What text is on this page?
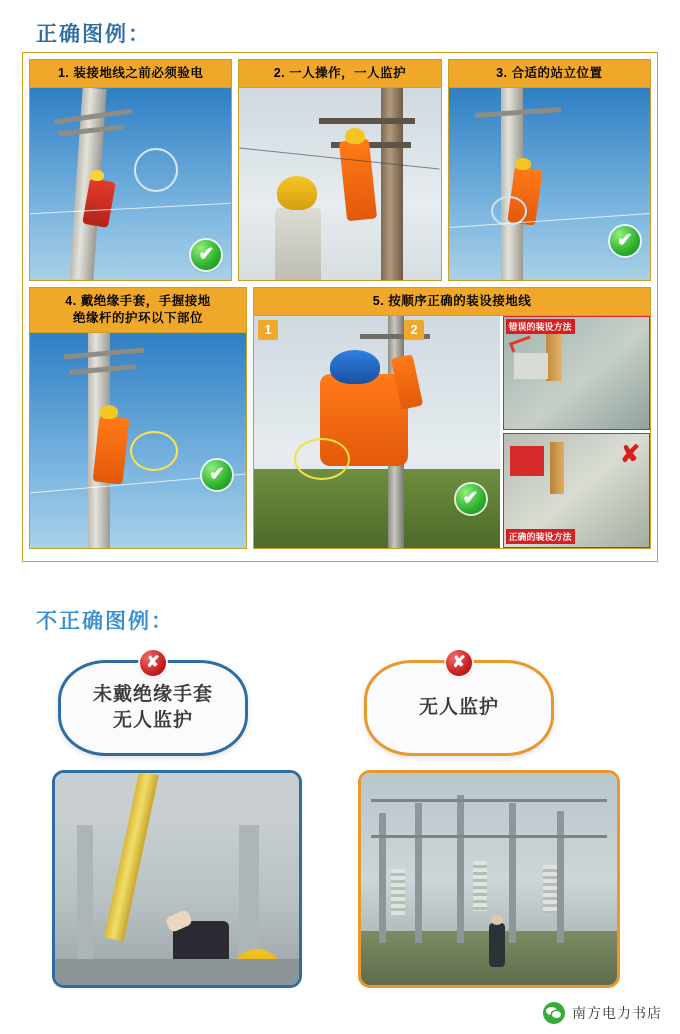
正确图例：
1. 装接地线之前必须验电
✔
2. 一人操作，一人监护	3. 合适的站立位置
✔
4. 戴绝缘手套，手握接地
绝缘杆的护环以下部位
✔
5. 按顺序正确的装设接地线
1	2
✔
错误的装设方法
✘
正确的装设方法
不正确图例：
✘
未戴绝缘手套
无人监护
✘
无人监护
南方电力书店
